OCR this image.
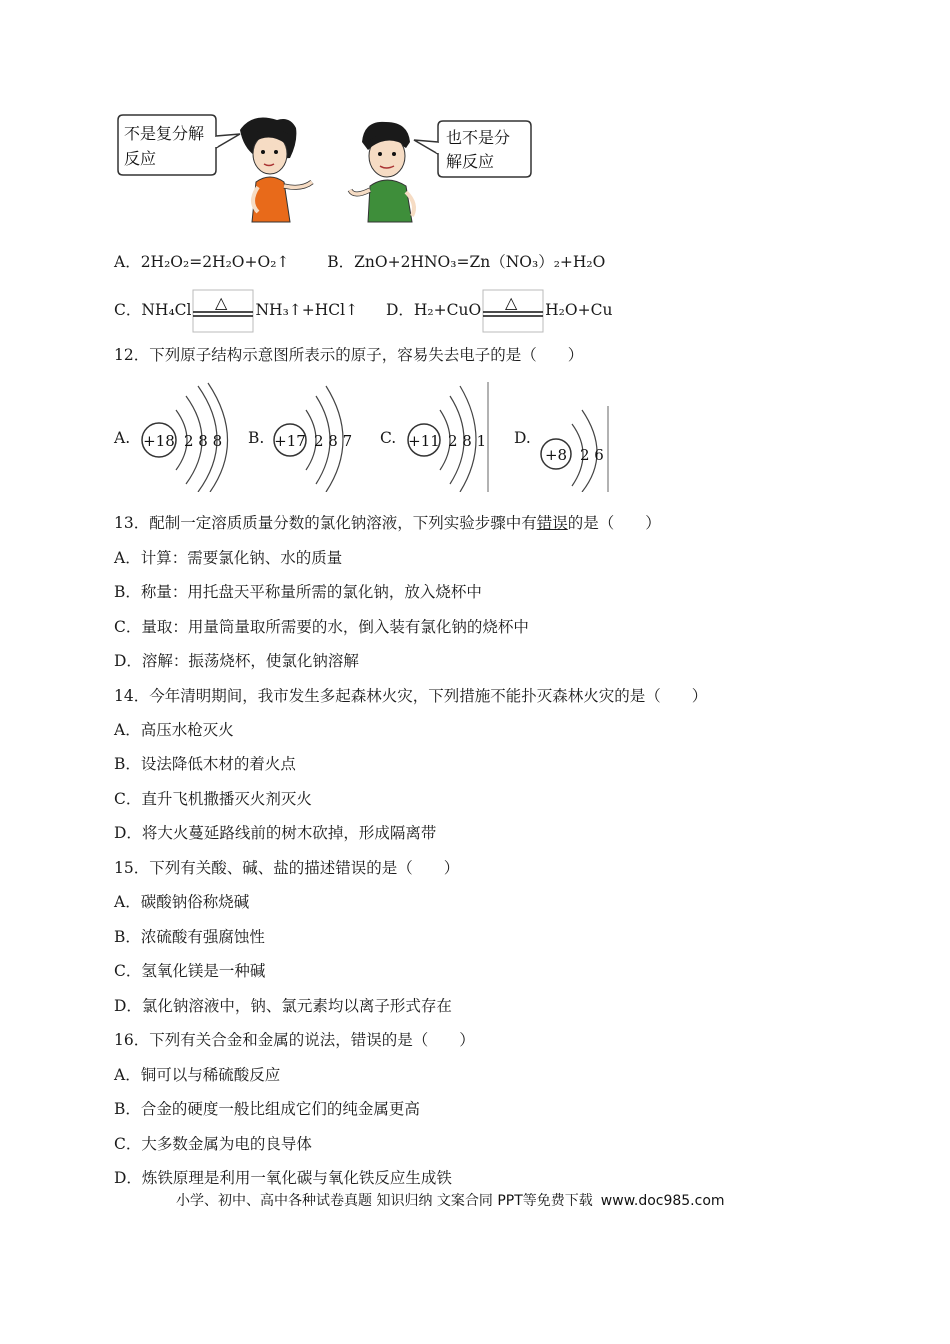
不是复分解
反应
也不是分
解反应
A．2H₂O₂=2H₂O+O₂↑ B．ZnO+2HNO₃=Zn（NO₃）₂+H₂O
C．NH₄Cl △ NH₃↑+HCl↑ D．H₂+CuO △ H₂O+Cu
12．下列原子结构示意图所表示的原子，容易失去电子的是（　　）
A. +18 2 8 8 B. +17 2 8 7 C. +11 2 8 1 D.
+8 2 6
13．配制一定溶质质量分数的氯化钠溶液，下列实验步骤中有错误的是（　　）
A．计算：需要氯化钠、水的质量
B．称量：用托盘天平称量所需的氯化钠，放入烧杯中
C．量取：用量筒量取所需要的水，倒入装有氯化钠的烧杯中
D．溶解：振荡烧杯，使氯化钠溶解
14．今年清明期间，我市发生多起森林火灾，下列措施不能扑灭森林火灾的是（　　）
A．高压水枪灭火
B．设法降低木材的着火点
C．直升飞机撒播灭火剂灭火
D．将大火蔓延路线前的树木砍掉，形成隔离带
15．下列有关酸、碱、盐的描述错误的是（　　）
A．碳酸钠俗称烧碱
B．浓硫酸有强腐蚀性
C．氢氧化镁是一种碱
D．氯化钠溶液中，钠、氯元素均以离子形式存在
16．下列有关合金和金属的说法，错误的是（　　）
A．铜可以与稀硫酸反应
B．合金的硬度一般比组成它们的纯金属更高
C．大多数金属为电的良导体
D．炼铁原理是利用一氧化碳与氧化铁反应生成铁
小学、初中、高中各种试卷真题 知识归纳 文案合同 PPT等免费下载 www.doc985.com
